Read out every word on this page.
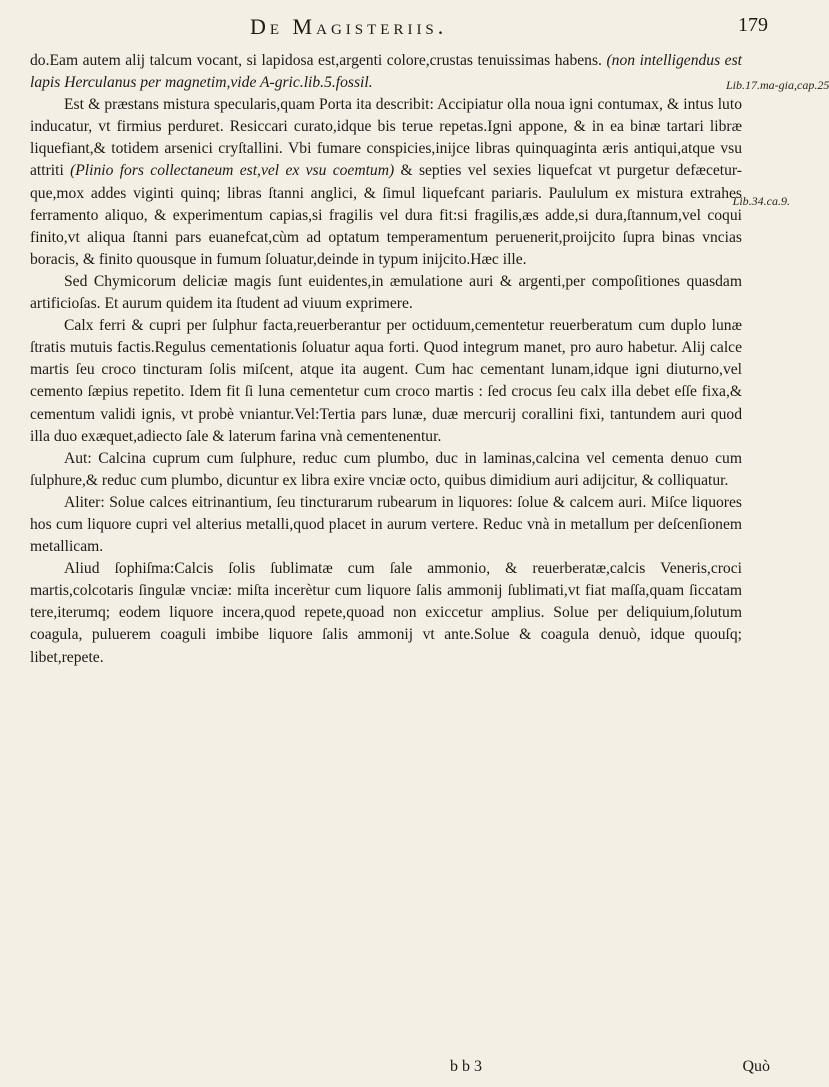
De Magisteriis.	179
Lib.17.ma-gia,cap.25
Lib.34.ca.9.

do.Eam autem alij talcum vocant, si lapidosa est,argenti colore,crustas tenuissimas habens. (non intelligendus est lapis Herculanus per magnetim,vide A-gric.lib.5.fossil.

Est & præstans mistura specularis,quam Porta ita describit: Accipiatur olla noua igni contumax, & intus luto inducatur, vt firmius perduret. Resiccari curato,idque bis terue repetas.Igni appone, & in ea binæ tartari libræ liquefiant,& totidem arsenici cryſtallini. Vbi fumare conspicies,inijce libras quinquaginta æris antiqui,atque vsu attriti (Plinio fors collectaneum est,vel ex vsu coemtum) & septies vel sexies liquefcat vt purgetur defæcetur-que,mox addes viginti quinq; libras ſtanni anglici, & ſimul liquefcant pariaris. Paululum ex mistura extrahes ferramento aliquo, & experimentum capias,si fragilis vel dura fit:si fragilis,æs adde,si dura,ſtannum,vel coqui finito,vt aliqua ſtanni pars euanefcat,cùm ad optatum temperamentum peruenerit,proijcito ſupra binas vncias boracis, & finito quousque in fumum ſoluatur,deinde in typum inijcito.Hæc ille.

Sed Chymicorum deliciæ magis ſunt euidentes,in æmulatione auri & argenti,per compoſitiones quasdam artificioſas. Et aurum quidem ita ſtudent ad viuum exprimere.

Calx ferri & cupri per ſulphur facta,reuerberantur per octiduum,cementetur reuerberatum cum duplo lunæ ſtratis mutuis factis.Regulus cementationis ſoluatur aqua forti. Quod integrum manet, pro auro habetur. Alij calce martis ſeu croco tincturam ſolis miſcent, atque ita augent. Cum hac cementant lunam,idque igni diuturno,vel cemento ſæpius repetito. Idem fit ſi luna cementetur cum croco martis : ſed crocus ſeu calx illa debet eſſe fixa,& cementum validi ignis, vt probè vniantur.Vel:Tertia pars lunæ, duæ mercurij corallini fixi, tantundem auri quod illa duo exæquet,adiecto ſale & laterum farina vnà cementenentur.

Aut: Calcina cuprum cum ſulphure, reduc cum plumbo, duc in laminas,calcina vel cementa denuo cum ſulphure,& reduc cum plumbo, dicuntur ex libra exire vnciæ octo, quibus dimidium auri adijcitur, & colliquatur.

Aliter: Solue calces eitrinantium, ſeu tincturarum rubearum in liquores: ſolue & calcem auri. Miſce liquores hos cum liquore cupri vel alterius metalli,quod placet in aurum vertere. Reduc vnà in metallum per deſcenſionem metallicam.

Aliud ſophiſma:Calcis ſolis ſublimatæ cum ſale ammonio, & reuerberatæ,calcis Veneris,croci martis,colcotaris ſingulæ vnciæ: miſta incerètur cum liquore ſalis ammonij ſublimati,vt fiat maſſa,quam ſiccatam tere,iterumq; eodem liquore incera,quod repete,quoad non exiccetur amplius. Solue per deliquium,ſolutum coagula, puluerem coaguli imbibe liquore ſalis ammonij vt ante.Solue & coagula denuò, idque quouſq; libet,repete.

b b 3	Quò
